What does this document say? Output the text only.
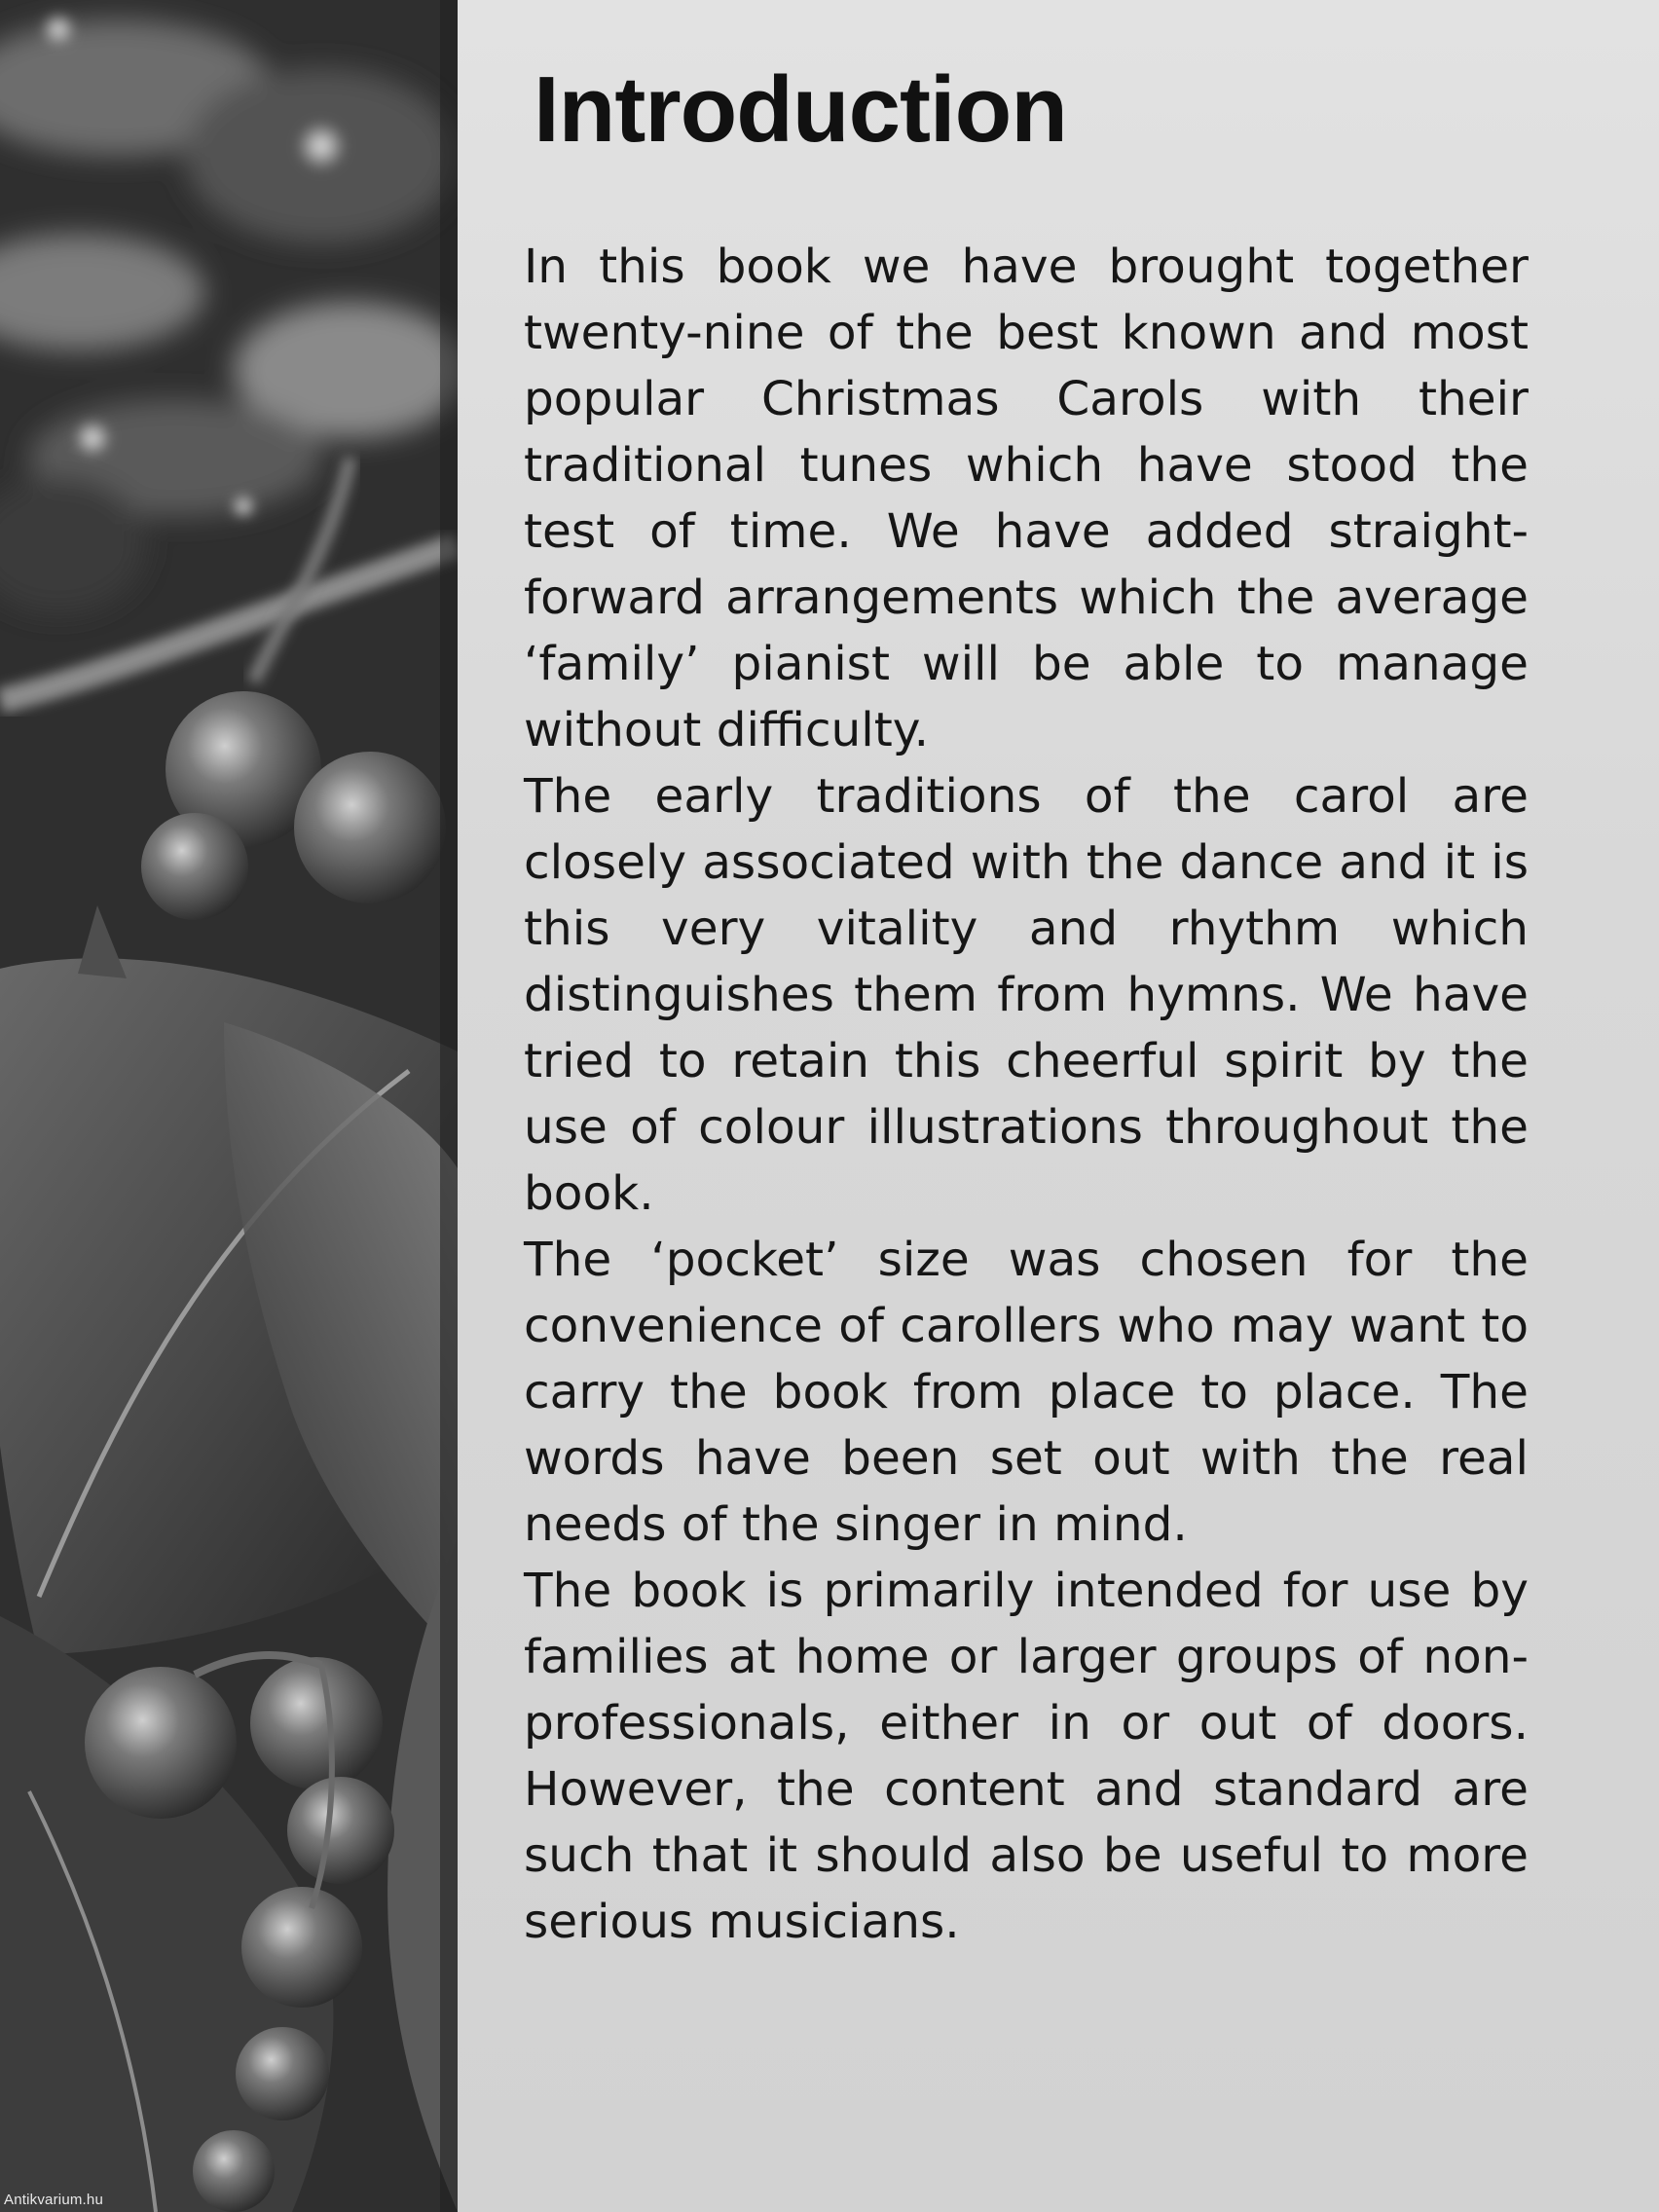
Antikvarium.hu
Introduction

In this book we have brought together twenty-nine of the best known and most popular Christmas Carols with their traditional tunes which have stood the test of time. We have added straightforward arrangements which the average ‘family’ pianist will be able to manage without difficulty.

The early traditions of the carol are closely associated with the dance and it is this very vitality and rhythm which distinguishes them from hymns. We have tried to retain this cheerful spirit by the use of colour illustrations throughout the book.

The ‘pocket’ size was chosen for the convenience of carollers who may want to carry the book from place to place. The words have been set out with the real needs of the singer in mind.

The book is primarily intended for use by families at home or larger groups of nonprofessionals, either in or out of doors. However, the content and standard are such that it should also be useful to more serious musicians.
